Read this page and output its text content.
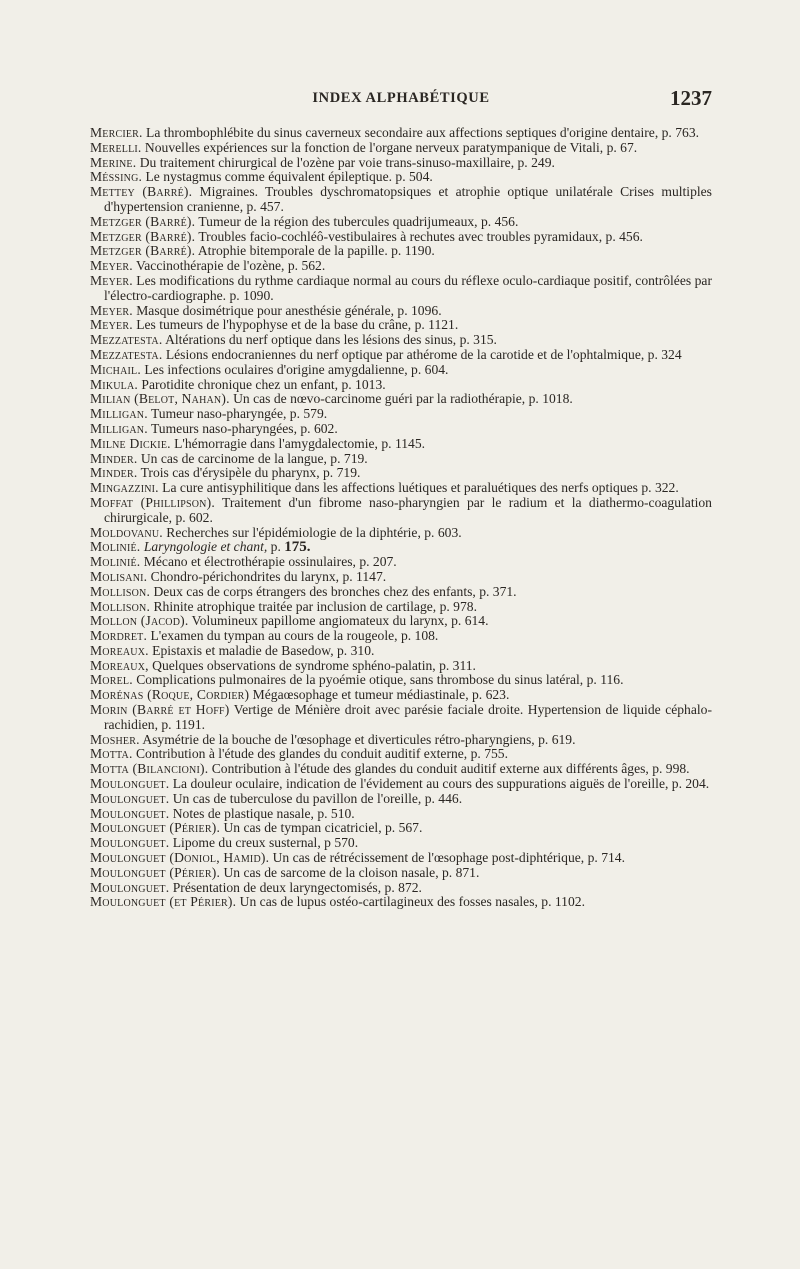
INDEX ALPHABÉTIQUE	1237
Mercier. La thrombophlébite du sinus caverneux secondaire aux affections septiques d'origine dentaire, p. 763.
Merelli. Nouvelles expériences sur la fonction de l'organe nerveux paratympanique de Vitali, p. 67.
Merine. Du traitement chirurgical de l'ozène par voie trans-sinuso-maxillaire, p. 249.
Méssing. Le nystagmus comme équivalent épileptique. p. 504.
Mettey (Barré). Migraines. Troubles dyschromatopsiques et atrophie optique unilatérale Crises multiples d'hypertension cranienne, p. 457.
Metzger (Barré). Tumeur de la région des tubercules quadrijumeaux, p. 456.
Metzger (Barré). Troubles facio-cochléô-vestibulaires à rechutes avec troubles pyramidaux, p. 456.
Metzger (Barré). Atrophie bitemporale de la papille. p. 1190.
Meyer. Vaccinothérapie de l'ozène, p. 562.
Meyer. Les modifications du rythme cardiaque normal au cours du réflexe oculo-cardiaque positif, contrôlées par l'électro-cardiographe. p. 1090.
Meyer. Masque dosimétrique pour anesthésie générale, p. 1096.
Meyer. Les tumeurs de l'hypophyse et de la base du crâne, p. 1121.
Mezzatesta. Altérations du nerf optique dans les lésions des sinus, p. 315.
Mezzatesta. Lésions endocraniennes du nerf optique par athérome de la carotide et de l'ophtalmique, p. 324
Michail. Les infections oculaires d'origine amygdalienne, p. 604.
Mikula. Parotidite chronique chez un enfant, p. 1013.
Milian (Belot, Nahan). Un cas de nœvo-carcinome guéri par la radiothérapie, p. 1018.
Milligan. Tumeur naso-pharyngée, p. 579.
Milligan. Tumeurs naso-pharyngées, p. 602.
Milne Dickie. L'hémorragie dans l'amygdalectomie, p. 1145.
Minder. Un cas de carcinome de la langue, p. 719.
Minder. Trois cas d'érysipèle du pharynx, p. 719.
Mingazzini. La cure antisyphilitique dans les affections luétiques et paraluétiques des nerfs optiques p. 322.
Moffat (Phillipson). Traitement d'un fibrome naso-pharyngien par le radium et la diathermo-coagulation chirurgicale, p. 602.
Moldovanu. Recherches sur l'épidémiologie de la diphtérie, p. 603.
Molinié. Laryngologie et chant, p. 175.
Molinié. Mécano et électrothérapie ossinulaires, p. 207.
Molisani. Chondro-périchondrites du larynx, p. 1147.
Mollison. Deux cas de corps étrangers des bronches chez des enfants, p. 371.
Mollison. Rhinite atrophique traitée par inclusion de cartilage, p. 978.
Mollon (Jacod). Volumineux papillome angiomateux du larynx, p. 614.
Mordret. L'examen du tympan au cours de la rougeole, p. 108.
Moreaux. Epistaxis et maladie de Basedow, p. 310.
Moreaux, Quelques observations de syndrome sphéno-palatin, p. 311.
Morel. Complications pulmonaires de la pyoémie otique, sans thrombose du sinus latéral, p. 116.
Morénas (Roque, Cordier) Mégaœsophage et tumeur médiastinale, p. 623.
Morin (Barré et Hoff) Vertige de Ménière droit avec parésie faciale droite. Hypertension de liquide céphalo-rachidien, p. 1191.
Mosher. Asymétrie de la bouche de l'œsophage et diverticules rétro-pharyngiens, p. 619.
Motta. Contribution à l'étude des glandes du conduit auditif externe, p. 755.
Motta (Bilancioni). Contribution à l'étude des glandes du conduit auditif externe aux différents âges, p. 998.
Moulonguet. La douleur oculaire, indication de l'évidement au cours des suppurations aiguës de l'oreille, p. 204.
Moulonguet. Un cas de tuberculose du pavillon de l'oreille, p. 446.
Moulonguet. Notes de plastique nasale, p. 510.
Moulonguet (Périer). Un cas de tympan cicatriciel, p. 567.
Moulonguet. Lipome du creux susternal, p 570.
Moulonguet (Doniol, Hamid). Un cas de rétrécissement de l'œsophage post-diphtérique, p. 714.
Moulonguet (Périer). Un cas de sarcome de la cloison nasale, p. 871.
Moulonguet. Présentation de deux laryngectomisés, p. 872.
Moulonguet (et Périer). Un cas de lupus ostéo-cartilagineux des fosses nasales, p. 1102.
